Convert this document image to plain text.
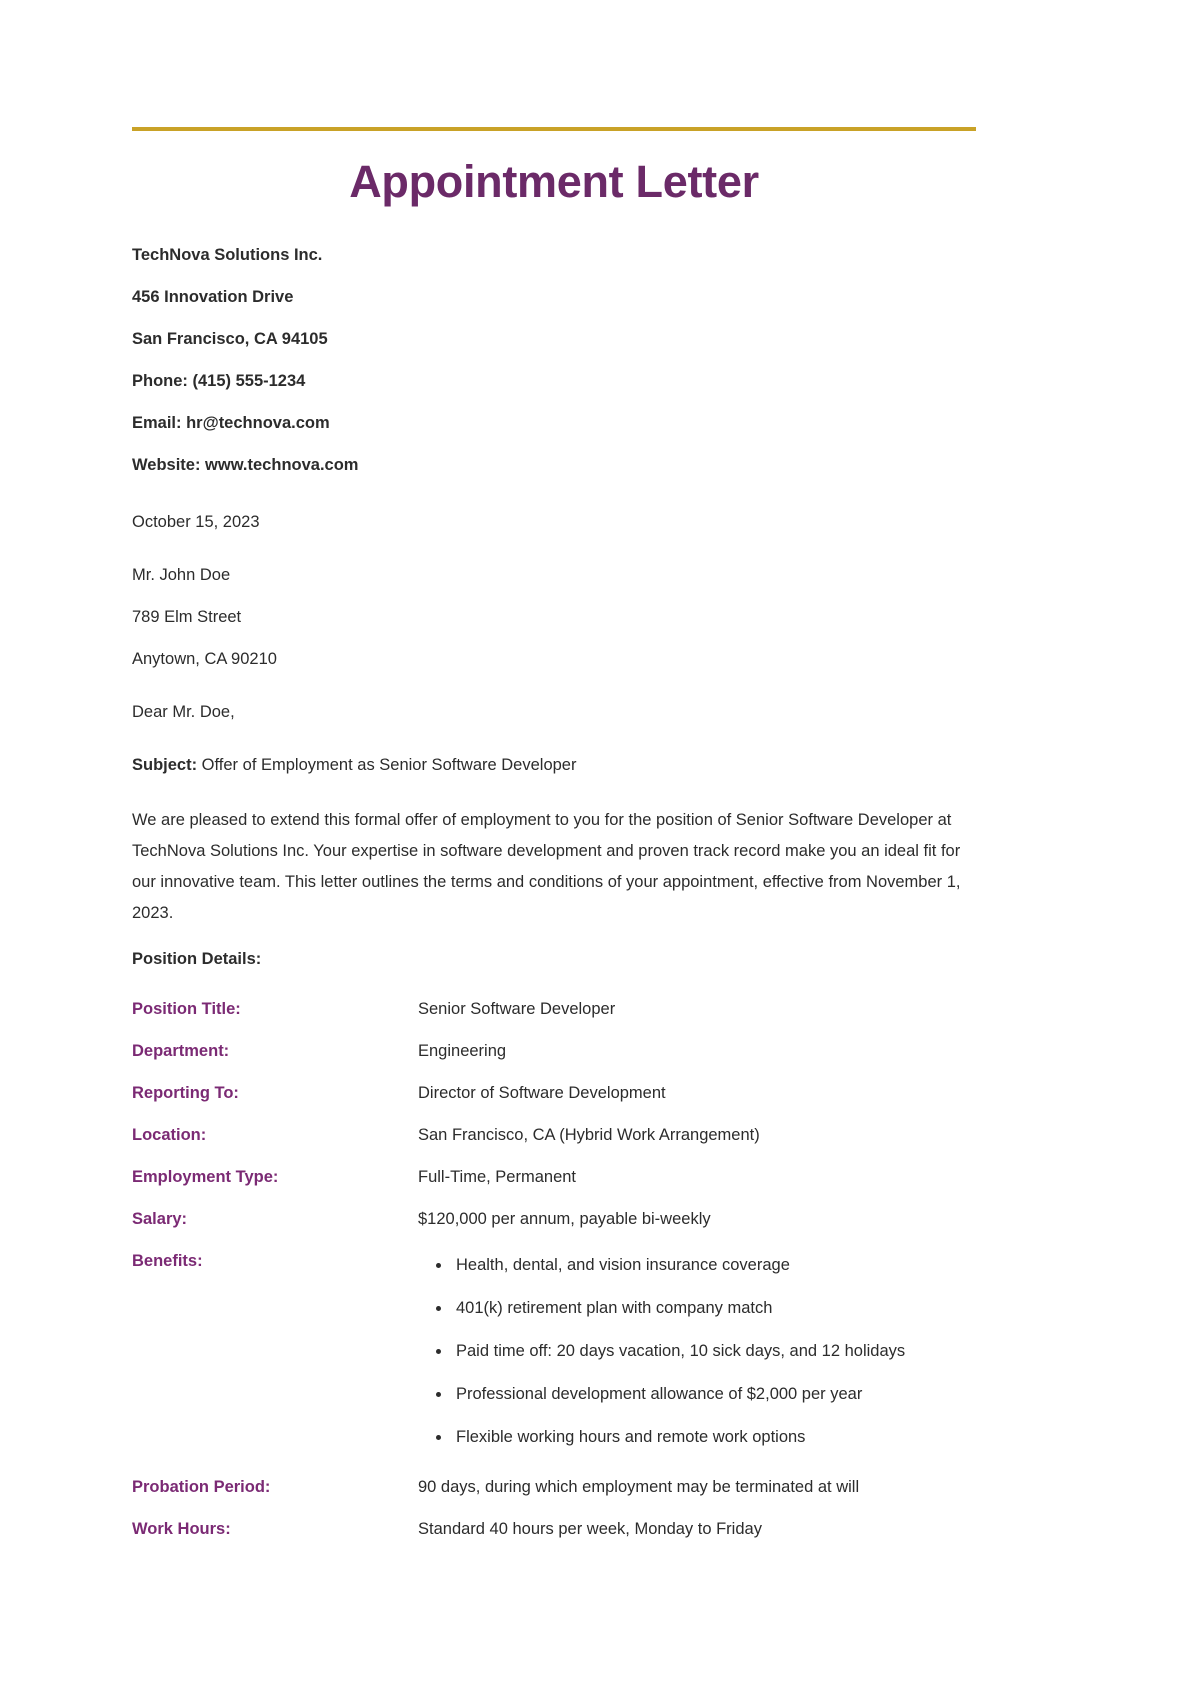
Appointment Letter
TechNova Solutions Inc.
456 Innovation Drive
San Francisco, CA 94105
Phone: (415) 555-1234
Email: hr@technova.com
Website: www.technova.com
October 15, 2023
Mr. John Doe
789 Elm Street
Anytown, CA 90210
Dear Mr. Doe,
Subject: Offer of Employment as Senior Software Developer
We are pleased to extend this formal offer of employment to you for the position of Senior Software Developer at TechNova Solutions Inc. Your expertise in software development and proven track record make you an ideal fit for our innovative team. This letter outlines the terms and conditions of your appointment, effective from November 1, 2023.
Position Details:
Position Title:	Senior Software Developer
Department:	Engineering
Reporting To:	Director of Software Development
Location:	San Francisco, CA (Hybrid Work Arrangement)
Employment Type:	Full-Time, Permanent
Salary:	$120,000 per annum, payable bi-weekly
Benefits:	• Health, dental, and vision insurance coverage
• 401(k) retirement plan with company match
• Paid time off: 20 days vacation, 10 sick days, and 12 holidays
• Professional development allowance of $2,000 per year
• Flexible working hours and remote work options
Probation Period:	90 days, during which employment may be terminated at will
Work Hours:	Standard 40 hours per week, Monday to Friday
